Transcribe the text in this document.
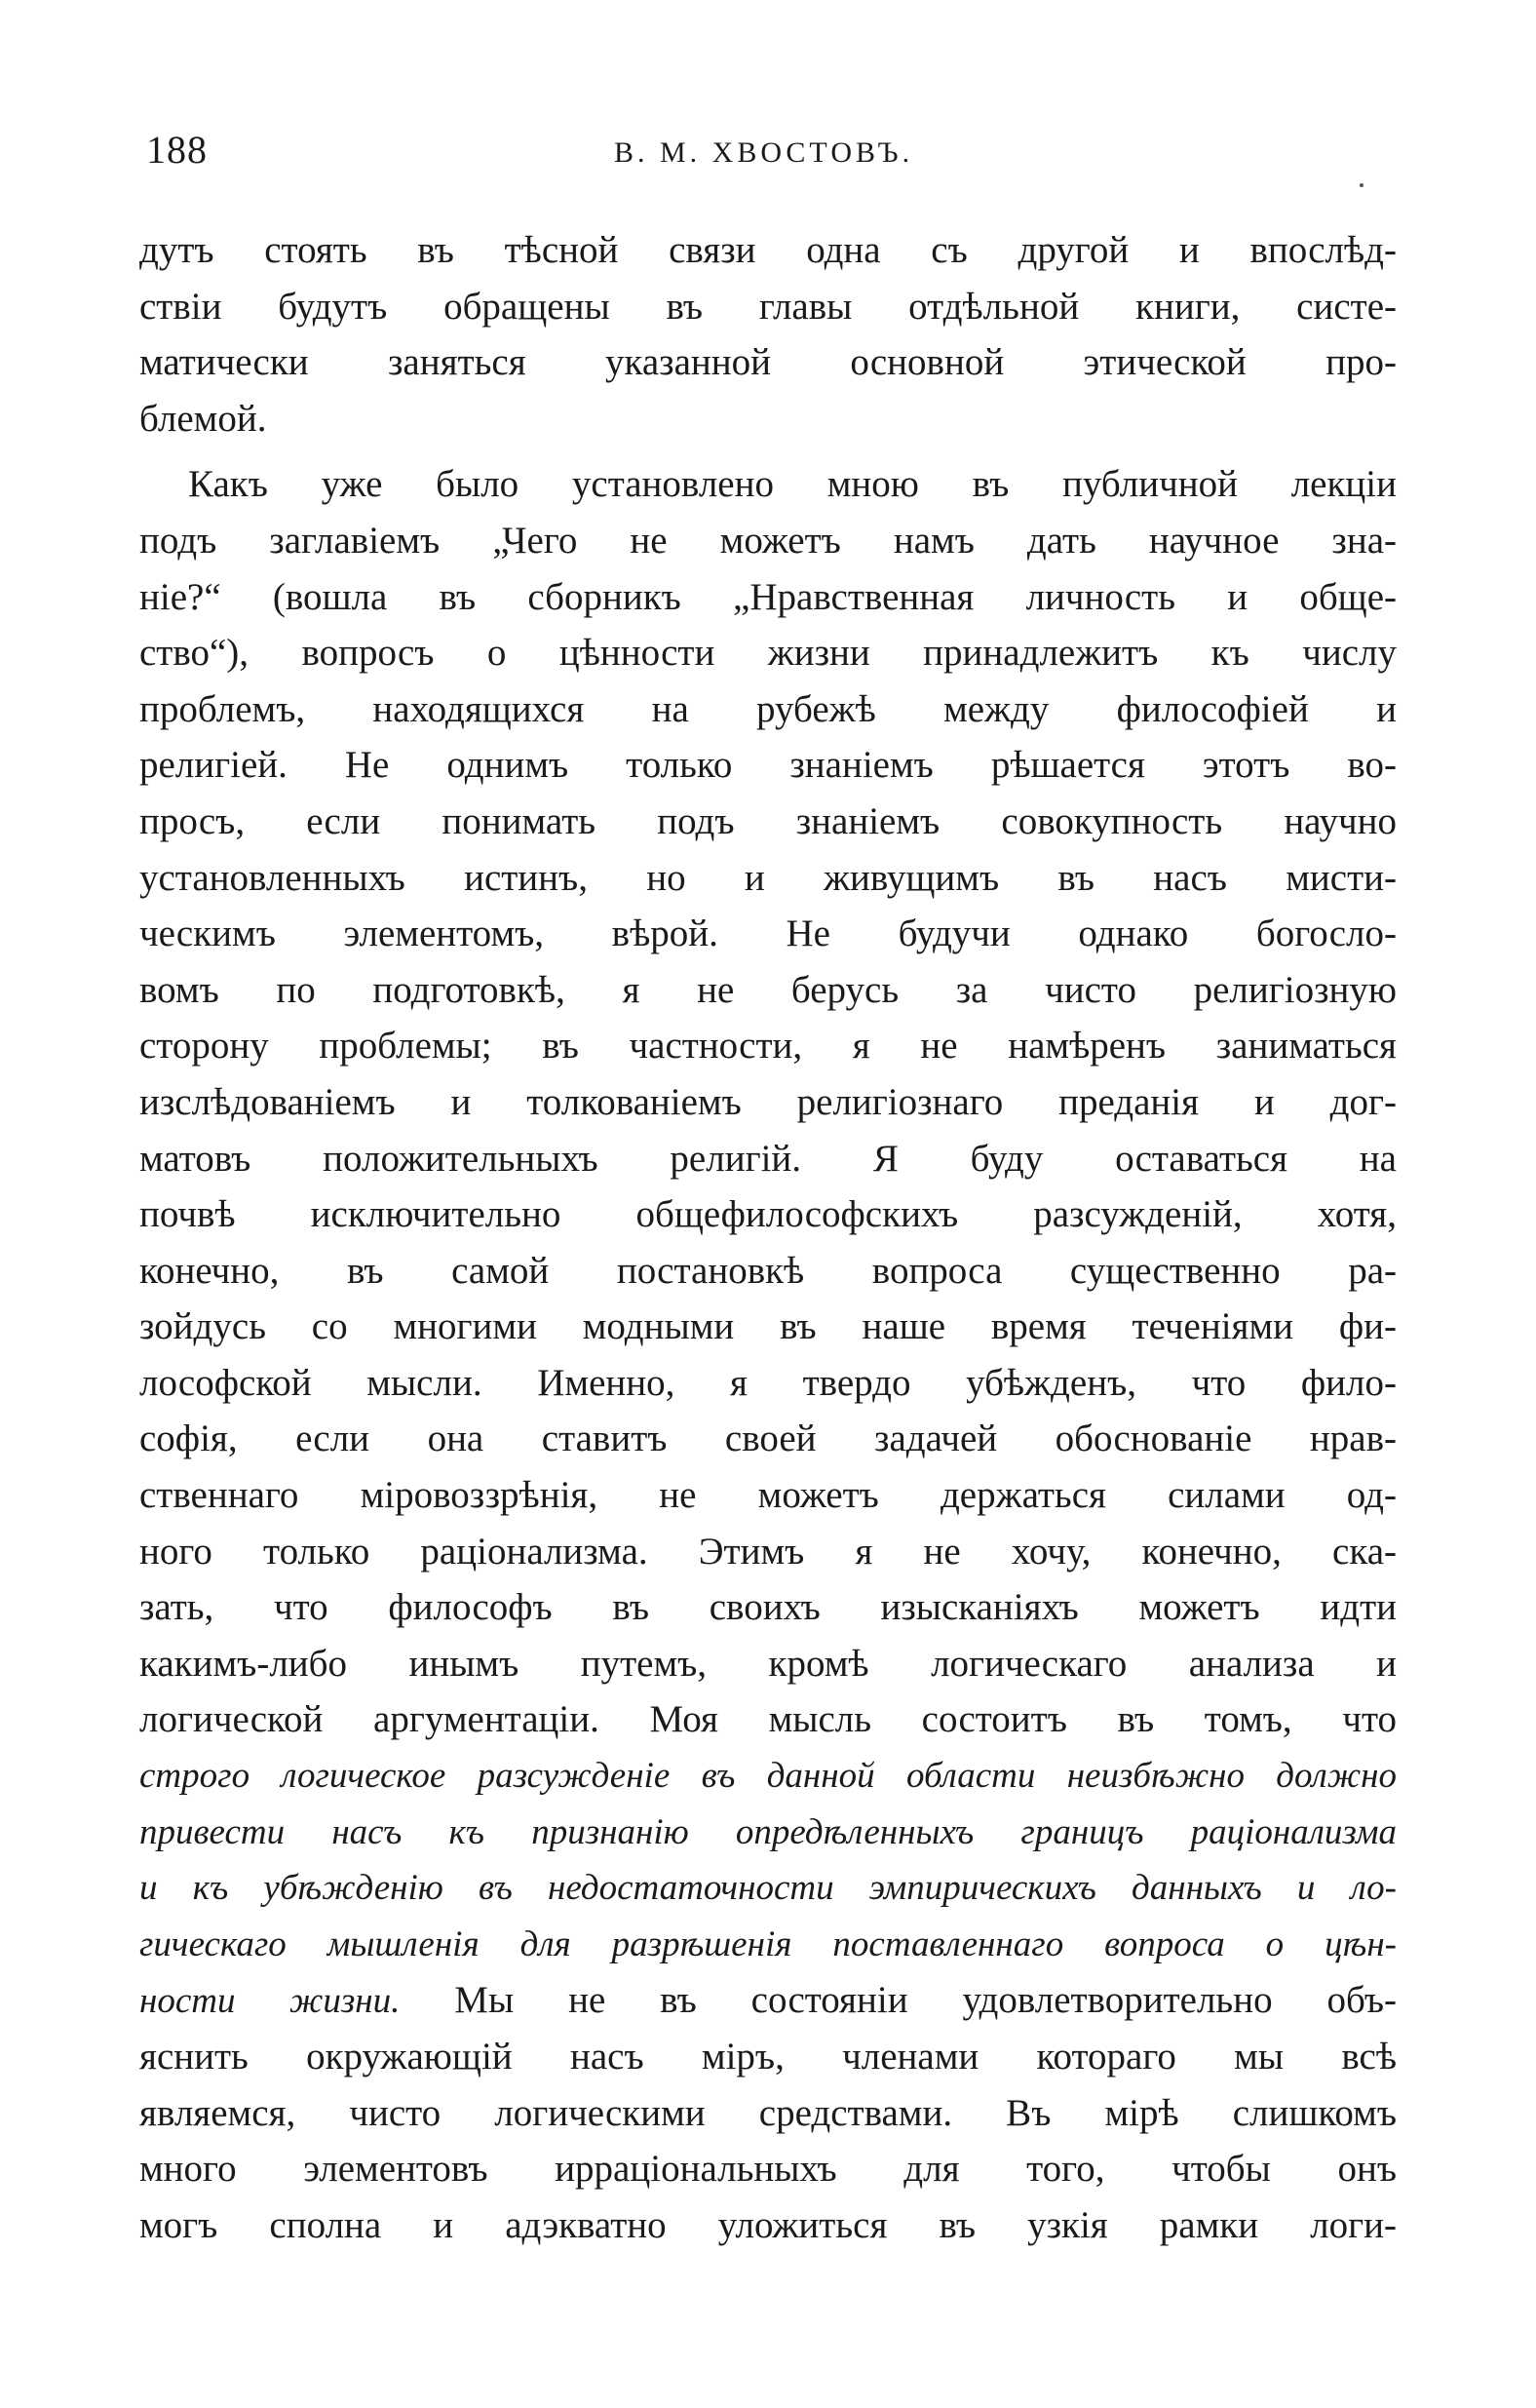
188	В. М. ХВОСТОВЪ.
дутъ стоять въ тѣсной связи одна съ другой и впослѣд-
ствіи будутъ обращены въ главы отдѣльной книги, систе-
матически заняться указанной основной этической про-
блемой.
Какъ уже было установлено мною въ публичной лекціи
подъ заглавіемъ „Чего не можетъ намъ дать научное зна-
ніе?“ (вошла въ сборникъ „Нравственная личность и обще-
ство“), вопросъ о цѣнности жизни принадлежитъ къ числу
проблемъ, находящихся на рубежѣ между философіей и
религіей. Не однимъ только знаніемъ рѣшается этотъ во-
просъ, если понимать подъ знаніемъ совокупность научно
установленныхъ истинъ, но и живущимъ въ насъ мисти-
ческимъ элементомъ, вѣрой. Не будучи однако богосло-
вомъ по подготовкѣ, я не берусь за чисто религіозную
сторону проблемы; въ частности, я не намѣренъ заниматься
изслѣдованіемъ и толкованіемъ религіознаго преданія и дог-
матовъ положительныхъ религій. Я буду оставаться на
почвѣ исключительно общефилософскихъ разсужденій, хотя,
конечно, въ самой постановкѣ вопроса существенно ра-
зойдусь со многими модными въ наше время теченіями фи-
лософской мысли. Именно, я твердо убѣжденъ, что фило-
софія, если она ставитъ своей задачей обоснованіе нрав-
ственнаго міровоззрѣнія, не можетъ держаться силами од-
ного только раціонализма. Этимъ я не хочу, конечно, ска-
зать, что философъ въ своихъ изысканіяхъ можетъ идти
какимъ-либо инымъ путемъ, кромѣ логическаго анализа и
логической аргументаціи. Моя мысль состоитъ въ томъ, что
строго логическое разсужденіе въ данной области неизбѣжно должно
привести насъ къ признанію опредѣленныхъ границъ раціонализма
и къ убѣжденію въ недостаточности эмпирическихъ данныхъ и ло-
гическаго мышленія для разрѣшенія поставленнаго вопроса о цѣн-
ности жизни. Мы не въ состояніи удовлетворительно объ-
яснить окружающій насъ міръ, членами котораго мы всѣ
являемся, чисто логическими средствами. Въ мірѣ слишкомъ
много элементовъ ирраціональныхъ для того, чтобы онъ
могъ сполна и адэкватно уложиться въ узкія рамки логи-
